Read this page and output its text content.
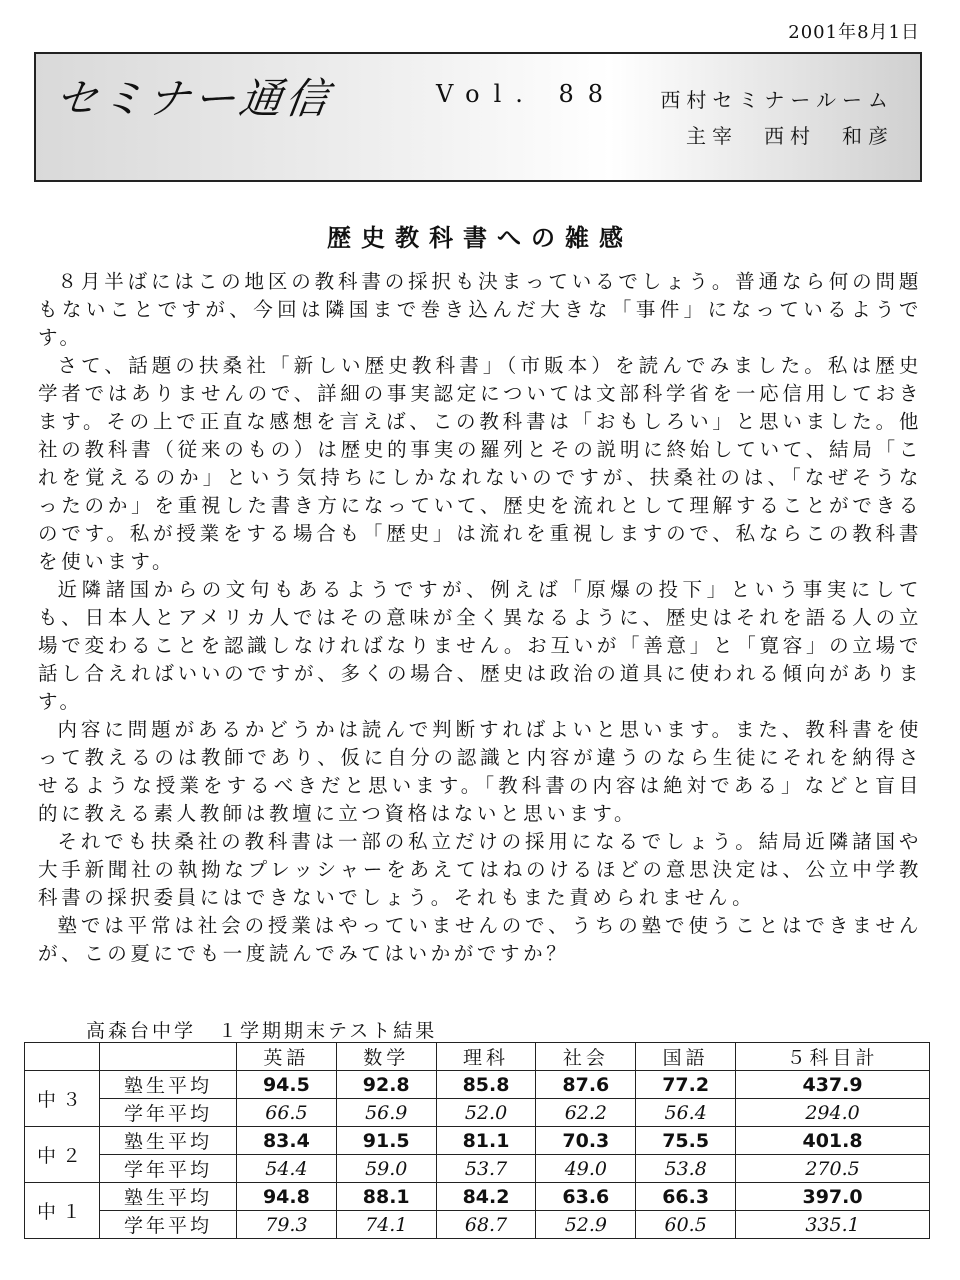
2001年8月1日
セミナー通信	Vol. 88 西村セミナールーム
主宰　西村　和彦
歴史教科書への雑感

８月半ばにはこの地区の教科書の採択も決まっているでしょう。普通なら何の問題もないことですが、今回は隣国まで巻き込んだ大きな「事件」になっているようです。

さて、話題の扶桑社「新しい歴史教科書」（市販本）を読んでみました。私は歴史学者ではありませんので、詳細の事実認定については文部科学省を一応信用しておきます。その上で正直な感想を言えば、この教科書は「おもしろい」と思いました。他社の教科書（従来のもの）は歴史的事実の羅列とその説明に終始していて、結局「これを覚えるのか」という気持ちにしかなれないのですが、扶桑社のは、「なぜそうなったのか」を重視した書き方になっていて、歴史を流れとして理解することができるのです。私が授業をする場合も「歴史」は流れを重視しますので、私ならこの教科書を使います。

近隣諸国からの文句もあるようですが、例えば「原爆の投下」という事実にしても、日本人とアメリカ人ではその意味が全く異なるように、歴史はそれを語る人の立場で変わることを認識しなければなりません。お互いが「善意」と「寛容」の立場で話し合えればいいのですが、多くの場合、歴史は政治の道具に使われる傾向があります。

内容に問題があるかどうかは読んで判断すればよいと思います。また、教科書を使って教えるのは教師であり、仮に自分の認識と内容が違うのなら生徒にそれを納得させるような授業をするべきだと思います。「教科書の内容は絶対である」などと盲目的に教える素人教師は教壇に立つ資格はないと思います。

それでも扶桑社の教科書は一部の私立だけの採用になるでしょう。結局近隣諸国や大手新聞社の執拗なプレッシャーをあえてはねのけるほどの意思決定は、公立中学教科書の採択委員にはできないでしょう。それもまた責められません。

塾では平常は社会の授業はやっていませんので、うちの塾で使うことはできませんが、この夏にでも一度読んでみてはいかがですか？

高森台中学　１学期期末テスト結果
		英語	数学	理科	社会	国語	５科目計
中３	塾生平均	94.5	92.8	85.8	87.6	77.2	437.9
	学年平均	66.5	56.9	52.0	62.2	56.4	294.0
中２	塾生平均	83.4	91.5	81.1	70.3	75.5	401.8
	学年平均	54.4	59.0	53.7	49.0	53.8	270.5
中１	塾生平均	94.8	88.1	84.2	63.6	66.3	397.0
	学年平均	79.3	74.1	68.7	52.9	60.5	335.1
